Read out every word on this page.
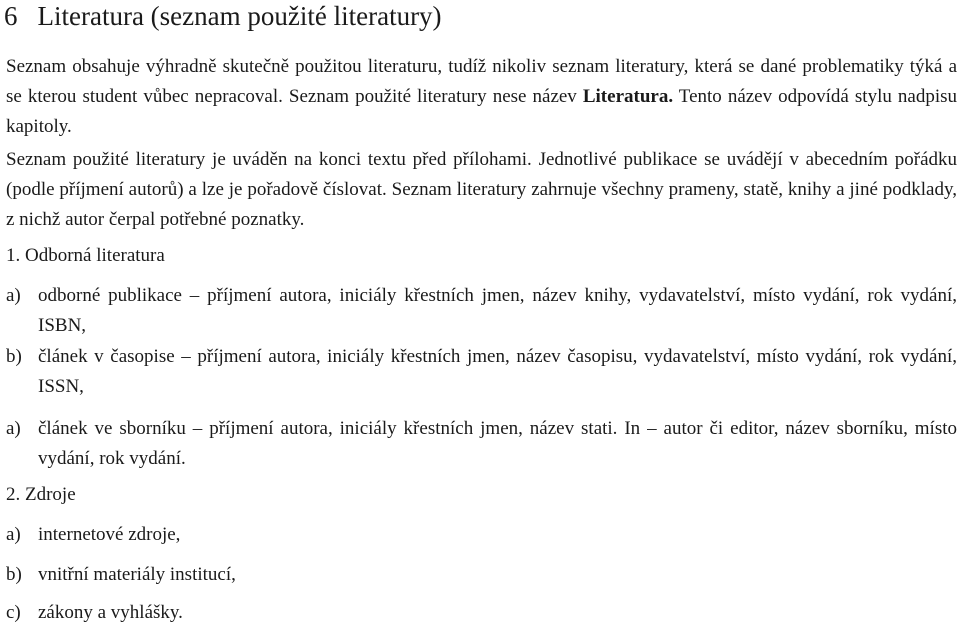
6 Literatura (seznam použité literatury)

Seznam obsahuje výhradně skutečně použitou literaturu, tudíž nikoliv seznam literatury, která se dané problematiky týká a se kterou student vůbec nepracoval. Seznam použité literatury nese název Literatura. Tento název odpovídá stylu nadpisu kapitoly.

Seznam použité literatury je uváděn na konci textu před přílohami. Jednotlivé publikace se uvádějí v abecedním pořádku (podle příjmení autorů) a lze je pořadově číslovat. Seznam literatury zahrnuje všechny prameny, statě, knihy a jiné podklady, z nichž autor čerpal potřebné poznatky.

1. Odborná literatura

a) odborné publikace – příjmení autora, iniciály křestních jmen, název knihy, vydavatelství, místo vydání, rok vydání, ISBN,
b) článek v časopise – příjmení autora, iniciály křestních jmen, název časopisu, vydavatelství, místo vydání, rok vydání, ISSN,
a) článek ve sborníku – příjmení autora, iniciály křestních jmen, název stati. In – autor či editor, název sborníku, místo vydání, rok vydání.

2. Zdroje

a) internetové zdroje,
b) vnitřní materiály institucí,
c) zákony a vyhlášky.
